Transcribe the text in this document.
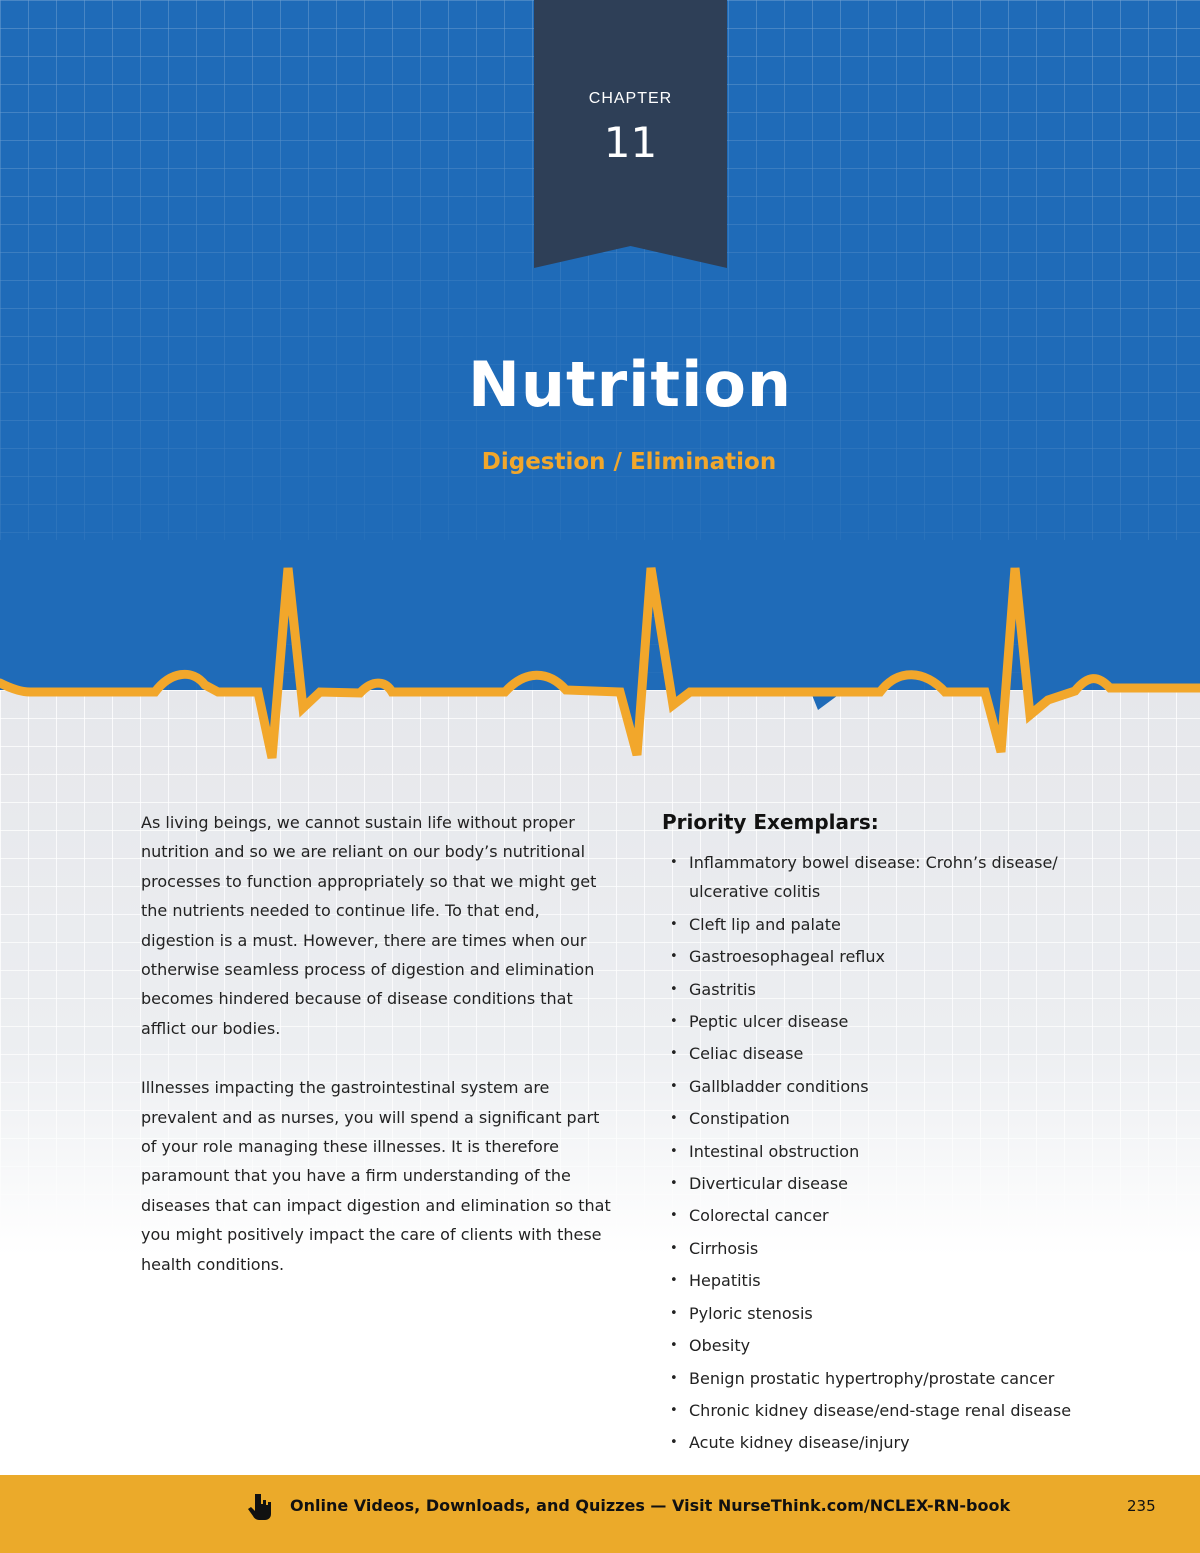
CHAPTER
11
Nutrition
Digestion / Elimination

As living beings, we cannot sustain life without proper nutrition and so we are reliant on our body’s nutritional processes to function appropriately so that we might get the nutrients needed to continue life. To that end, digestion is a must. However, there are times when our otherwise seamless process of digestion and elimination becomes hindered because of disease conditions that afflict our bodies.

Illnesses impacting the gastrointestinal system are prevalent and as nurses, you will spend a significant part of your role managing these illnesses. It is therefore paramount that you have a firm understanding of the diseases that can impact digestion and elimination so that you might positively impact the care of clients with these health conditions.

Priority Exemplars:
• Inflammatory bowel disease: Crohn’s disease/ ulcerative colitis
• Cleft lip and palate
• Gastroesophageal reflux
• Gastritis
• Peptic ulcer disease
• Celiac disease
• Gallbladder conditions
• Constipation
• Intestinal obstruction
• Diverticular disease
• Colorectal cancer
• Cirrhosis
• Hepatitis
• Pyloric stenosis
• Obesity
• Benign prostatic hypertrophy/prostate cancer
• Chronic kidney disease/end-stage renal disease
• Acute kidney disease/injury
Online Videos, Downloads, and Quizzes — Visit NurseThink.com/NCLEX-RN-book	235
